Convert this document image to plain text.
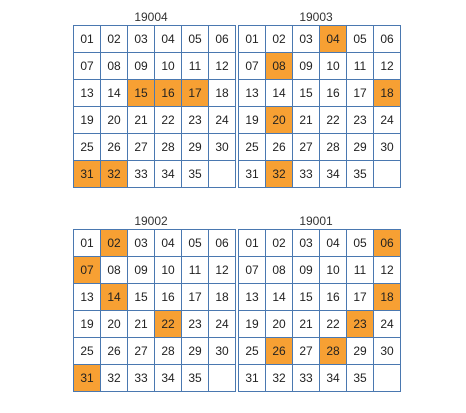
19004
01	02	03	04	05	06
07	08	09	10	11	12
13	14	15	16	17	18
19	20	21	22	23	24
25	26	27	28	29	30
31	32	33	34	35	
19003
01	02	03	04	05	06
07	08	09	10	11	12
13	14	15	16	17	18
19	20	21	22	23	24
25	26	27	28	29	30
31	32	33	34	35	
19002
01	02	03	04	05	06
07	08	09	10	11	12
13	14	15	16	17	18
19	20	21	22	23	24
25	26	27	28	29	30
31	32	33	34	35	
19001
01	02	03	04	05	06
07	08	09	10	11	12
13	14	15	16	17	18
19	20	21	22	23	24
25	26	27	28	29	30
31	32	33	34	35	
